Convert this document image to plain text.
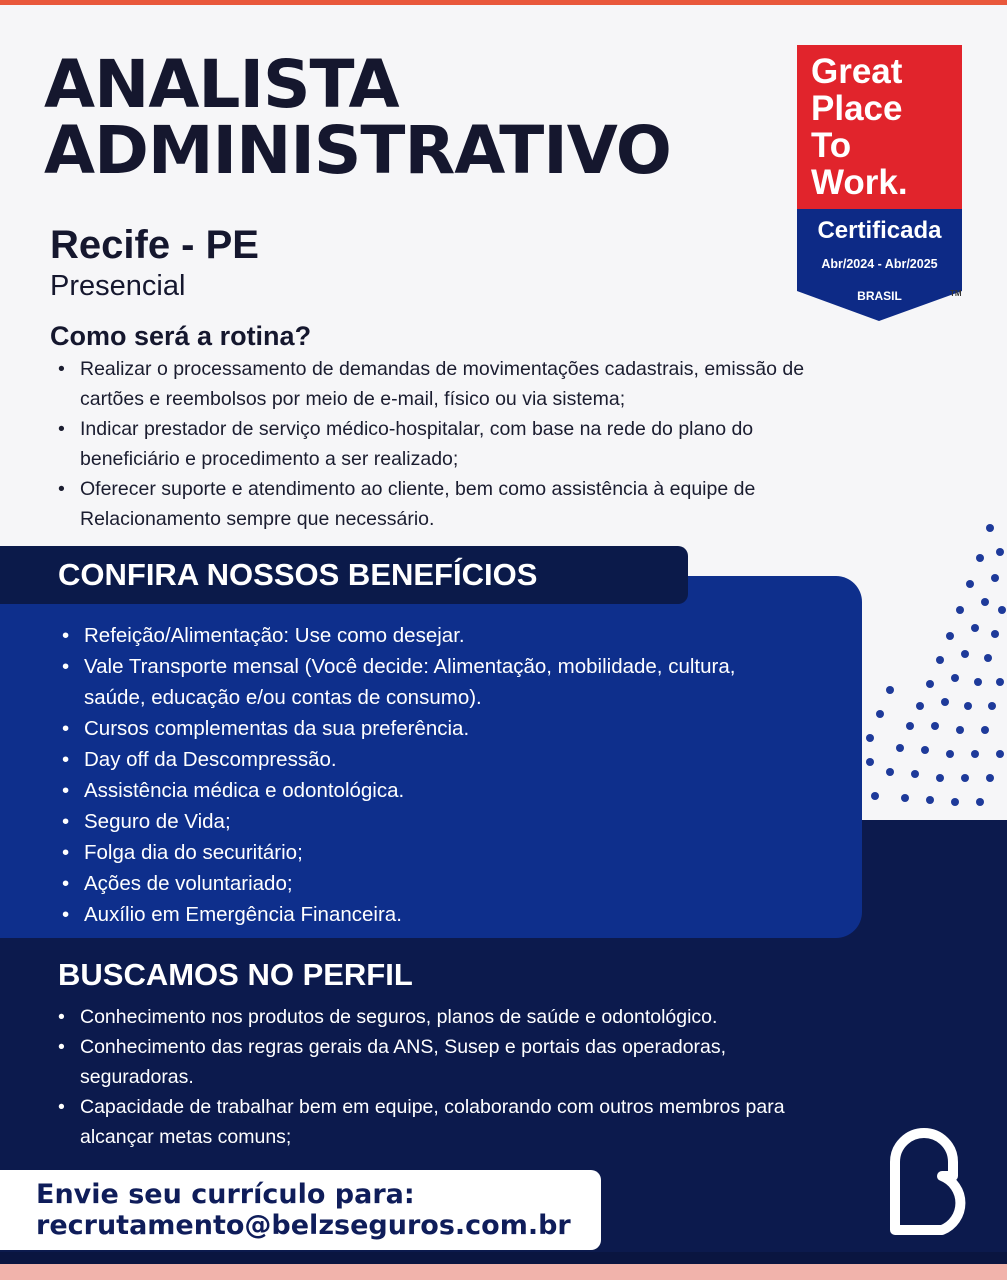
ANALISTA
ADMINISTRATIVO

Recife - PE

Presencial

Great
Place
To
Work.
Certificada
Abr/2024 - Abr/2025
BRASIL	TM
Como será a rotina?
• Realizar o processamento de demandas de movimentações cadastrais, emissão de cartões e reembolsos por meio de e-mail, físico ou via sistema;
• Indicar prestador de serviço médico-hospitalar, com base na rede do plano do beneficiário e procedimento a ser realizado;
• Oferecer suporte e atendimento ao cliente, bem como assistência à equipe de Relacionamento sempre que necessário.
CONFIRA NOSSOS BENEFÍCIOS
• Refeição/Alimentação: Use como desejar.
• Vale Transporte mensal (Você decide: Alimentação, mobilidade, cultura, saúde, educação e/ou contas de consumo).
• Cursos complementas da sua preferência.
• Day off da Descompressão.
• Assistência médica e odontológica.
• Seguro de Vida;
• Folga dia do securitário;
• Ações de voluntariado;
• Auxílio em Emergência Financeira.
BUSCAMOS NO PERFIL
• Conhecimento nos produtos de seguros, planos de saúde e odontológico.
• Conhecimento das regras gerais da ANS, Susep e portais das operadoras, seguradoras.
• Capacidade de trabalhar bem em equipe, colaborando com outros membros para alcançar metas comuns;

Envie seu currículo para:

recrutamento@belzseguros.com.br
